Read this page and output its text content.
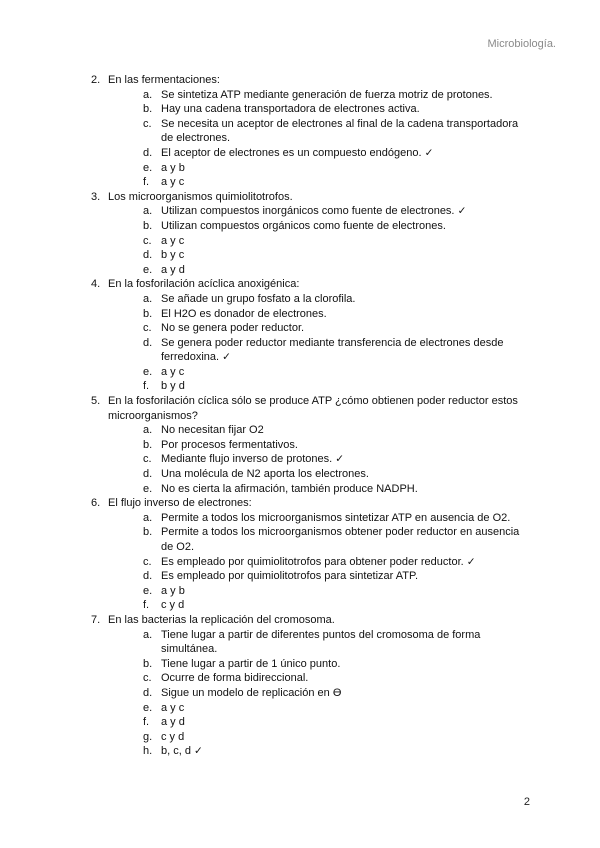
Microbiología.
2. En las fermentaciones:
a. Se sintetiza ATP mediante generación de fuerza motriz de protones.
b. Hay una cadena transportadora de electrones activa.
c. Se necesita un aceptor de electrones al final de la cadena transportadora de electrones.
d. El aceptor de electrones es un compuesto endógeno. ✓
e. a y b
f. a y c
3. Los microorganismos quimiolitotrofos.
a. Utilizan compuestos inorgánicos como fuente de electrones. ✓
b. Utilizan compuestos orgánicos como fuente de electrones.
c. a y c
d. b y c
e. a y d
4. En la fosforilación acíclica anoxigénica:
a. Se añade un grupo fosfato a la clorofila.
b. El H2O es donador de electrones.
c. No se genera poder reductor.
d. Se genera poder reductor mediante transferencia de electrones desde ferredoxina. ✓
e. a y c
f. b y d
5. En la fosforilación cíclica sólo se produce ATP ¿cómo obtienen poder reductor estos microorganismos?
a. No necesitan fijar O2
b. Por procesos fermentativos.
c. Mediante flujo inverso de protones. ✓
d. Una molécula de N2 aporta los electrones.
e. No es cierta la afirmación, también produce NADPH.
6. El flujo inverso de electrones:
a. Permite a todos los microorganismos sintetizar ATP en ausencia de O2.
b. Permite a todos los microorganismos obtener poder reductor en ausencia de O2.
c. Es empleado por quimiolitotrofos para obtener poder reductor. ✓
d. Es empleado por quimiolitotrofos para sintetizar ATP.
e. a y b
f. c y d
7. En las bacterias la replicación del cromosoma.
a. Tiene lugar a partir de diferentes puntos del cromosoma de forma simultánea.
b. Tiene lugar a partir de 1 único punto.
c. Ocurre de forma bidireccional.
d. Sigue un modelo de replicación en ϴ
e. a y c
f. a y d
g. c y d
h. b, c, d ✓
2
